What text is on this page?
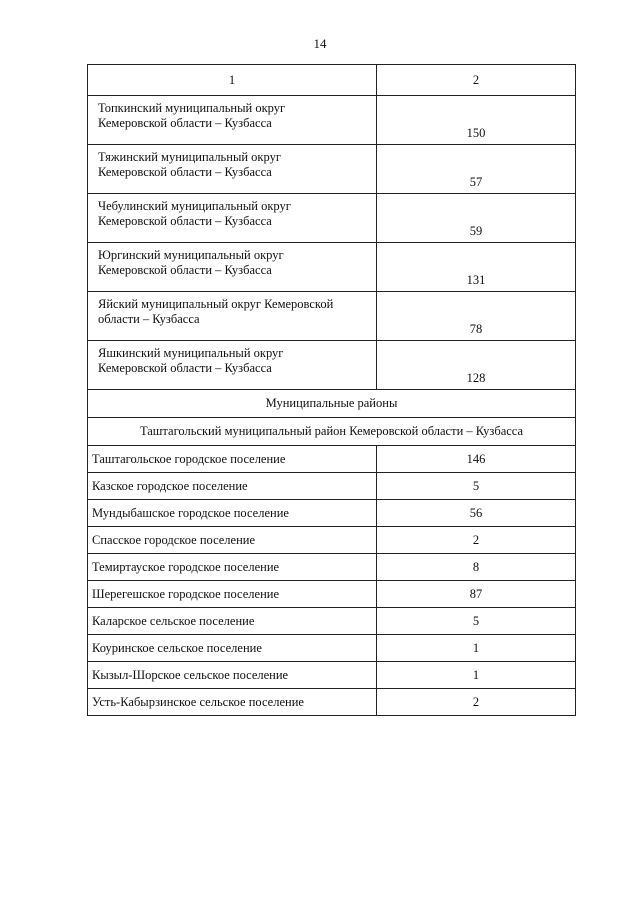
14
1	2

Топкинский муниципальный округ
Кемеровской области – Кузбасса	150

Тяжинский муниципальный округ
Кемеровской области – Кузбасса	57

Чебулинский муниципальный округ
Кемеровской области – Кузбасса	59

Юргинский муниципальный округ
Кемеровской области – Кузбасса	131

Яйский муниципальный округ Кемеровской
области – Кузбасса	78

Яшкинский муниципальный округ
Кемеровской области – Кузбасса	128
Муниципальные районы	
Таштагольский муниципальный район Кемеровской области – Кузбасса	
Таштагольское городское поселение	146
Казское городское поселение	5
Мундыбашское городское поселение	56
Спасское городское поселение	2
Темиртауское городское поселение	8
Шерегешское городское поселение	87
Каларское сельское поселение	5
Коуринское сельское поселение	1
Кызыл-Шорское сельское поселение	1
Усть-Кабырзинское сельское поселение	2
